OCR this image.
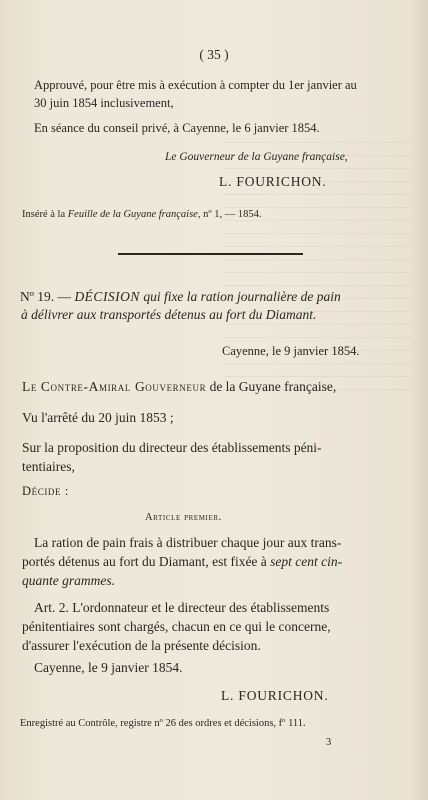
( 35 )
Approuvé, pour être mis à exécution à compter du 1er janvier au
30 juin 1854 inclusivement,
En séance du conseil privé, à Cayenne, le 6 janvier 1854.
Le Gouverneur de la Guyane française,
L. FOURICHON.
Inséré à la Feuille de la Guyane française, nº 1, — 1854.
Nº 19. — DÉCISION qui fixe la ration journalière de pain
à délivrer aux transportés détenus au fort du Diamant.
Cayenne, le 9 janvier 1854.
Le Contre-Amiral Gouverneur de la Guyane française,
Vu l'arrêté du 20 juin 1853 ;
Sur la proposition du directeur des établissements péni-
tentiaires,
Décide :
Article premier.
La ration de pain frais à distribuer chaque jour aux trans-
portés détenus au fort du Diamant, est fixée à sept cent cin-
quante grammes.
Art. 2. L'ordonnateur et le directeur des établissements
pénitentiaires sont chargés, chacun en ce qui le concerne,
d'assurer l'exécution de la présente décision.
Cayenne, le 9 janvier 1854.
L. FOURICHON.
Enregistré au Contrôle, registre nº 26 des ordres et décisions, fº 111.
3
